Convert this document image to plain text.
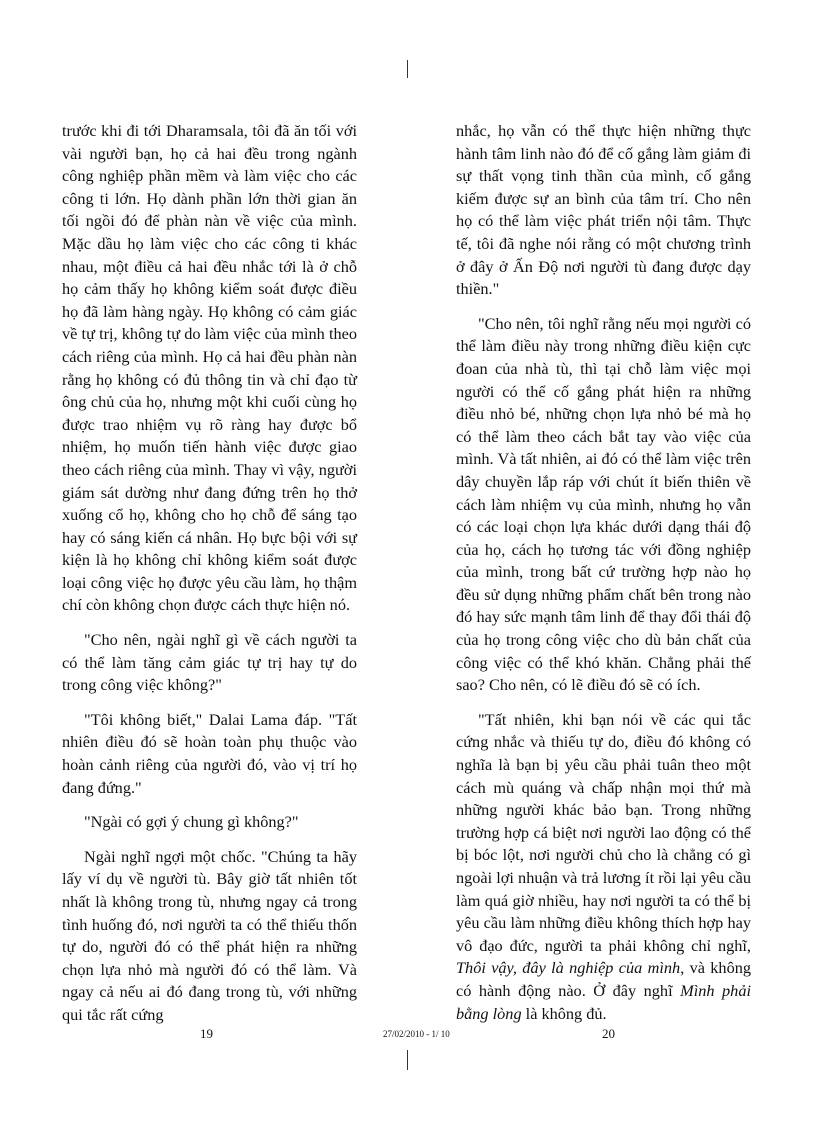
trước khi đi tới Dharamsala, tôi đã ăn tối với vài người bạn, họ cả hai đều trong ngành công nghiệp phần mềm và làm việc cho các công ti lớn. Họ dành phần lớn thời gian ăn tối ngồi đó để phàn nàn về việc của mình. Mặc dầu họ làm việc cho các công ti khác nhau, một điều cả hai đều nhắc tới là ở chỗ họ cảm thấy họ không kiểm soát được điều họ đã làm hàng ngày. Họ không có cảm giác về tự trị, không tự do làm việc của mình theo cách riêng của mình. Họ cả hai đều phàn nàn rằng họ không có đủ thông tin và chỉ đạo từ ông chủ của họ, nhưng một khi cuối cùng họ được trao nhiệm vụ rõ ràng hay được bổ nhiệm, họ muốn tiến hành việc được giao theo cách riêng của mình. Thay vì vậy, người giám sát dường như đang đứng trên họ thở xuống cổ họ, không cho họ chỗ để sáng tạo hay có sáng kiến cá nhân. Họ bực bội với sự kiện là họ không chỉ không kiểm soát được loại công việc họ được yêu cầu làm, họ thậm chí còn không chọn được cách thực hiện nó.

"Cho nên, ngài nghĩ gì về cách người ta có thể làm tăng cảm giác tự trị hay tự do trong công việc không?"

"Tôi không biết," Dalai Lama đáp. "Tất nhiên điều đó sẽ hoàn toàn phụ thuộc vào hoàn cảnh riêng của người đó, vào vị trí họ đang đứng."

"Ngài có gợi ý chung gì không?"

Ngài nghĩ ngợi một chốc. "Chúng ta hãy lấy ví dụ về người tù. Bây giờ tất nhiên tốt nhất là không trong tù, nhưng ngay cả trong tình huống đó, nơi người ta có thể thiếu thốn tự do, người đó có thể phát hiện ra những chọn lựa nhỏ mà người đó có thể làm. Và ngay cả nếu ai đó đang trong tù, với những qui tắc rất cứng

nhắc, họ vẫn có thể thực hiện những thực hành tâm linh nào đó để cố gắng làm giảm đi sự thất vọng tinh thần của mình, cố gắng kiếm được sự an bình của tâm trí. Cho nên họ có thể làm việc phát triển nội tâm. Thực tế, tôi đã nghe nói rằng có một chương trình ở đây ở Ấn Độ nơi người tù đang được dạy thiền."

"Cho nên, tôi nghĩ rằng nếu mọi người có thể làm điều này trong những điều kiện cực đoan của nhà tù, thì tại chỗ làm việc mọi người có thể cố gắng phát hiện ra những điều nhỏ bé, những chọn lựa nhỏ bé mà họ có thể làm theo cách bắt tay vào việc của mình. Và tất nhiên, ai đó có thể làm việc trên dây chuyền lắp ráp với chút ít biến thiên về cách làm nhiệm vụ của mình, nhưng họ vẫn có các loại chọn lựa khác dưới dạng thái độ của họ, cách họ tương tác với đồng nghiệp của mình, trong bất cứ trường hợp nào họ đều sử dụng những phẩm chất bên trong nào đó hay sức mạnh tâm linh để thay đổi thái độ của họ trong công việc cho dù bản chất của công việc có thể khó khăn. Chẳng phải thế sao? Cho nên, có lẽ điều đó sẽ có ích.

"Tất nhiên, khi bạn nói về các qui tắc cứng nhắc và thiếu tự do, điều đó không có nghĩa là bạn bị yêu cầu phải tuân theo một cách mù quáng và chấp nhận mọi thứ mà những người khác bảo bạn. Trong những trường hợp cá biệt nơi người lao động có thể bị bóc lột, nơi người chủ cho là chẳng có gì ngoài lợi nhuận và trả lương ít rồi lại yêu cầu làm quá giờ nhiều, hay nơi người ta có thể bị yêu cầu làm những điều không thích hợp hay vô đạo đức, người ta phải không chỉ nghĩ, Thôi vậy, đây là nghiệp của mình, và không có hành động nào. Ở đây nghĩ Mình phải bằng lòng là không đủ.

19	27/02/2010 - 1/ 10	20
